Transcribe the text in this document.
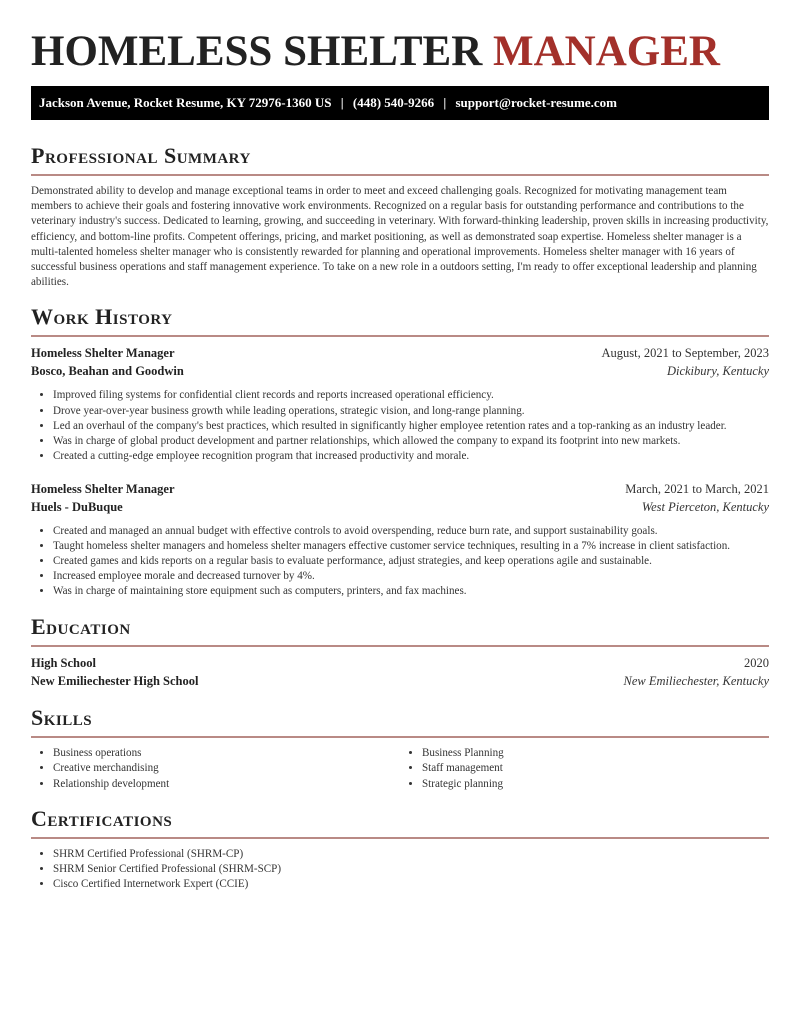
HOMELESS SHELTER MANAGER
Jackson Avenue, Rocket Resume, KY 72976-1360 US | (448) 540-9266 | support@rocket-resume.com
Professional Summary

Demonstrated ability to develop and manage exceptional teams in order to meet and exceed challenging goals. Recognized for motivating management team members to achieve their goals and fostering innovative work environments. Recognized on a regular basis for outstanding performance and contributions to the veterinary industry's success. Dedicated to learning, growing, and succeeding in veterinary. With forward-thinking leadership, proven skills in increasing productivity, efficiency, and bottom-line profits. Competent offerings, pricing, and market positioning, as well as demonstrated soap expertise. Homeless shelter manager is a multi-talented homeless shelter manager who is consistently rewarded for planning and operational improvements. Homeless shelter manager with 16 years of successful business operations and staff management experience. To take on a new role in a outdoors setting, I'm ready to offer exceptional leadership and planning abilities.

Work History
Homeless Shelter Manager	August, 2021 to September, 2023
Bosco, Beahan and Goodwin	Dickibury, Kentucky
• Improved filing systems for confidential client records and reports increased operational efficiency.
• Drove year-over-year business growth while leading operations, strategic vision, and long-range planning.
• Led an overhaul of the company's best practices, which resulted in significantly higher employee retention rates and a top-ranking as an industry leader.
• Was in charge of global product development and partner relationships, which allowed the company to expand its footprint into new markets.
• Created a cutting-edge employee recognition program that increased productivity and morale.
Homeless Shelter Manager	March, 2021 to March, 2021
Huels - DuBuque	West Pierceton, Kentucky
• Created and managed an annual budget with effective controls to avoid overspending, reduce burn rate, and support sustainability goals.
• Taught homeless shelter managers and homeless shelter managers effective customer service techniques, resulting in a 7% increase in client satisfaction.
• Created games and kids reports on a regular basis to evaluate performance, adjust strategies, and keep operations agile and sustainable.
• Increased employee morale and decreased turnover by 4%.
• Was in charge of maintaining store equipment such as computers, printers, and fax machines.
Education
High School	2020
New Emiliechester High School	New Emiliechester, Kentucky
Skills
• Business operations
• Creative merchandising
• Relationship development
• Business Planning
• Staff management
• Strategic planning
Certifications
• SHRM Certified Professional (SHRM-CP)
• SHRM Senior Certified Professional (SHRM-SCP)
• Cisco Certified Internetwork Expert (CCIE)
